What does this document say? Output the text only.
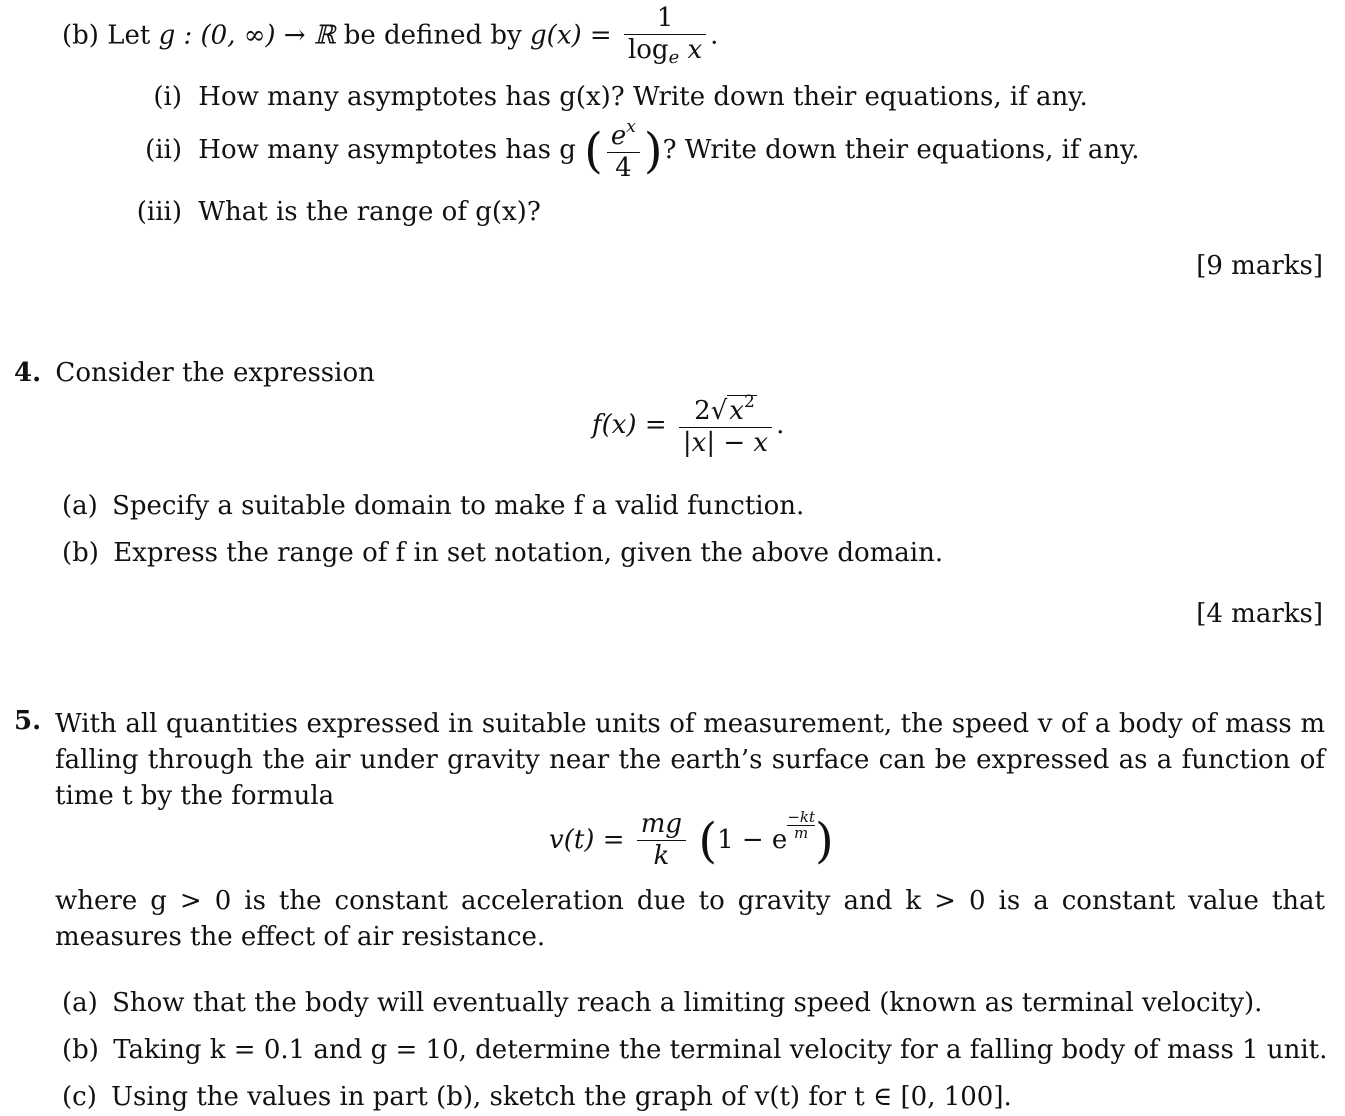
(b) Let g : (0, ∞) → ℝ be defined by $g(x) = \frac{1}{\log_e x}$ .
(i) How many asymptotes has g(x)? Write down their equations, if any.
(ii) How many asymptotes has g ( $\frac{e^x}{4}$ )? Write down their equations, if any.
(iii) What is the range of g(x)?
[9 marks]
4. Consider the expression
$f(x) = \frac{2√x^2}{|x| - x}$ .
(a) Specify a suitable domain to make f a valid function.
(b) Express the range of f in set notation, given the above domain.
[4 marks]
5. With all quantities expressed in suitable units of measurement, the speed v of a body of mass m falling through the air under gravity near the earth’s surface can be expressed as a function of time t by the formula
$v(t) = \frac{mg}{k} (1 - e \frac{-kt}{m}$ )
where g > 0 is the constant acceleration due to gravity and k > 0 is a constant value that measures the effect of air resistance.
(a) Show that the body will eventually reach a limiting speed (known as terminal velocity).
(b) Taking k = 0.1 and g = 10, determine the terminal velocity for a falling body of mass 1 unit.
(c) Using the values in part (b), sketch the graph of v(t) for t ∈ [0, 100].
